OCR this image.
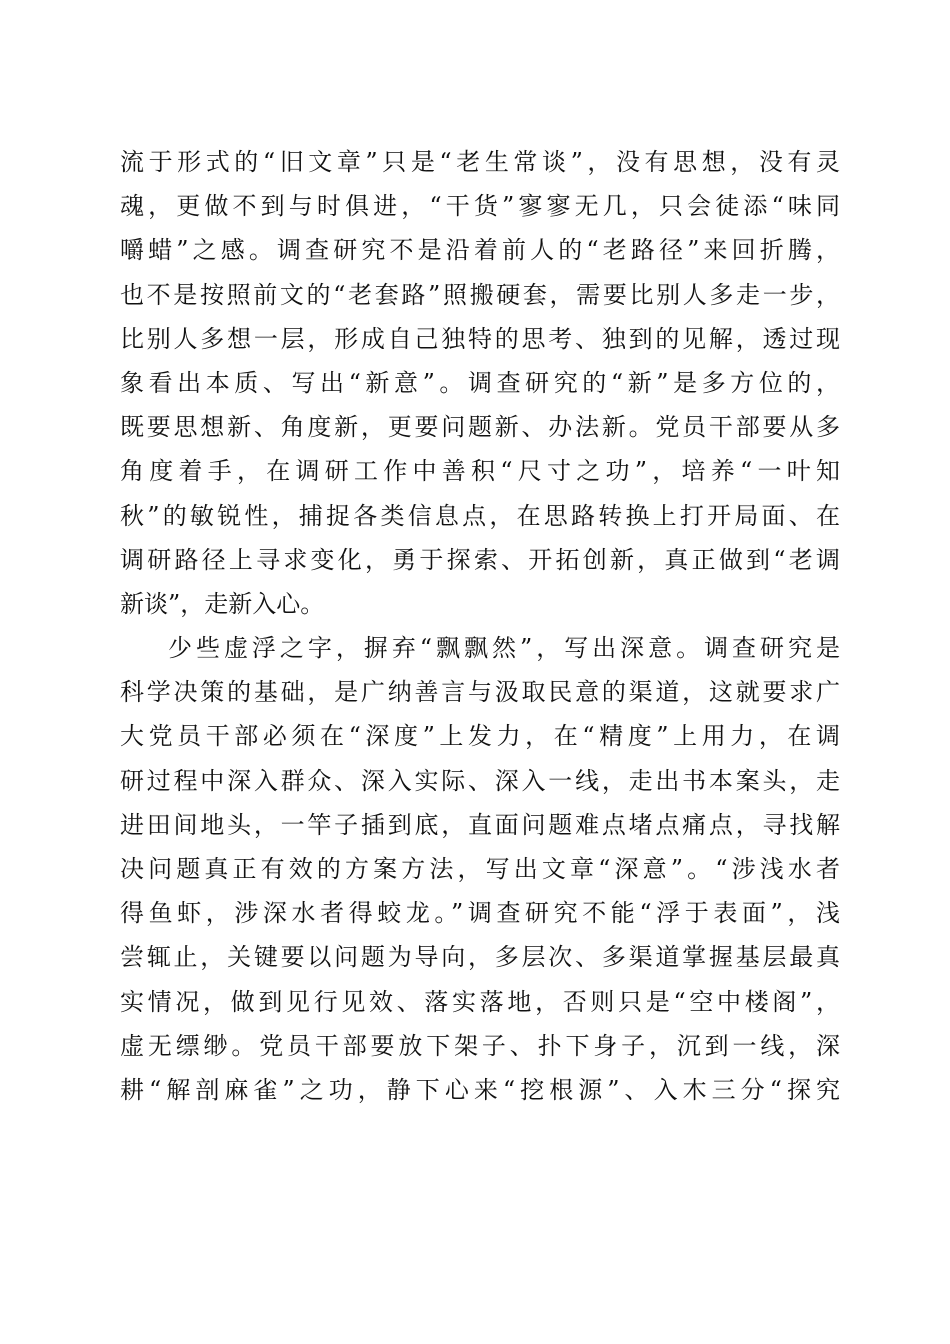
流于形式的“旧文章”只是“老生常谈”，没有思想，没有灵
魂，更做不到与时俱进，“干货”寥寥无几，只会徒添“味同
嚼蜡”之感。调查研究不是沿着前人的“老路径”来回折腾，
也不是按照前文的“老套路”照搬硬套，需要比别人多走一步，
比别人多想一层，形成自己独特的思考、独到的见解，透过现
象看出本质、写出“新意”。调查研究的“新”是多方位的，
既要思想新、角度新，更要问题新、办法新。党员干部要从多
角度着手，在调研工作中善积“尺寸之功”，培养“一叶知
秋”的敏锐性，捕捉各类信息点，在思路转换上打开局面、在
调研路径上寻求变化，勇于探索、开拓创新，真正做到“老调
新谈”，走新入心。
少些虚浮之字，摒弃“飘飘然”，写出深意。调查研究是
科学决策的基础，是广纳善言与汲取民意的渠道，这就要求广
大党员干部必须在“深度”上发力，在“精度”上用力，在调
研过程中深入群众、深入实际、深入一线，走出书本案头，走
进田间地头，一竿子插到底，直面问题难点堵点痛点，寻找解
决问题真正有效的方案方法，写出文章“深意”。“涉浅水者
得鱼虾，涉深水者得蛟龙。”调查研究不能“浮于表面”，浅
尝辄止，关键要以问题为导向，多层次、多渠道掌握基层最真
实情况，做到见行见效、落实落地，否则只是“空中楼阁”，
虚无缥缈。党员干部要放下架子、扑下身子，沉到一线，深
耕“解剖麻雀”之功，静下心来“挖根源”、入木三分“探究
